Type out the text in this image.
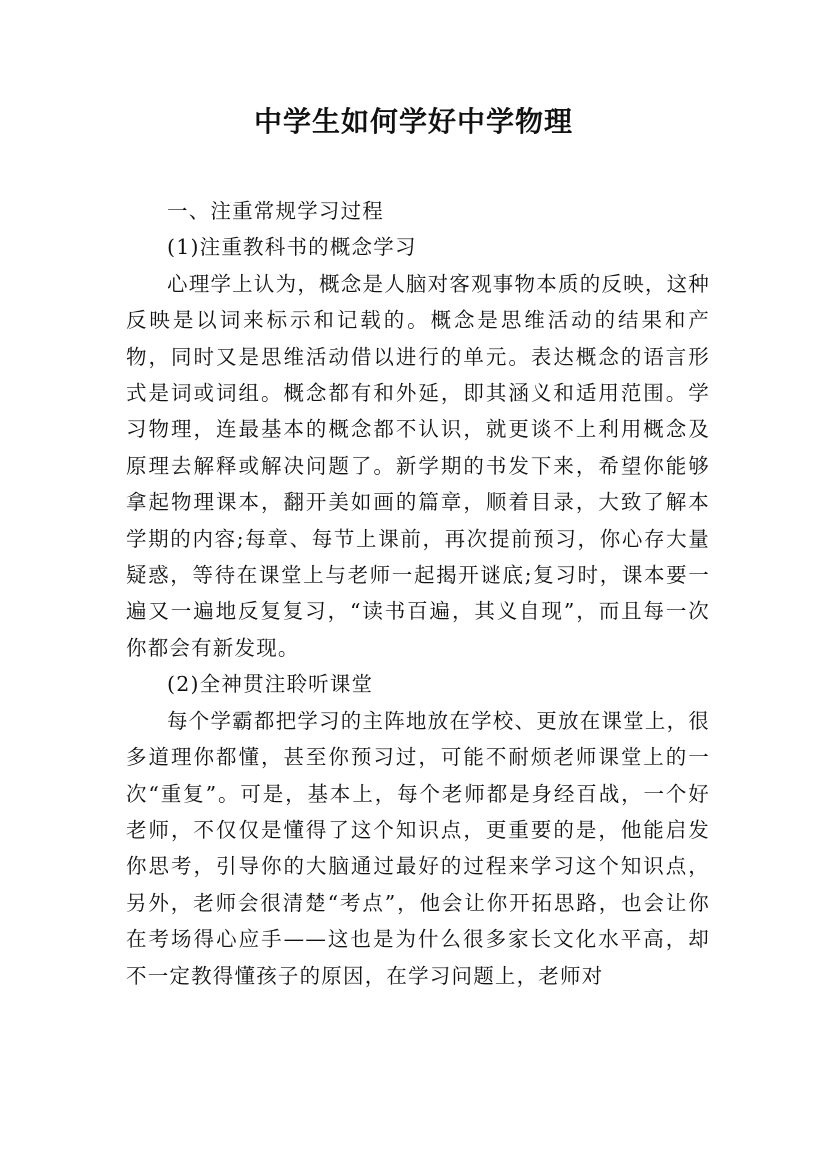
中学生如何学好中学物理

一、注重常规学习过程

(1)注重教科书的概念学习

心理学上认为，概念是人脑对客观事物本质的反映，这种反映是以词来标示和记载的。概念是思维活动的结果和产物，同时又是思维活动借以进行的单元。表达概念的语言形式是词或词组。概念都有和外延，即其涵义和适用范围。学习物理，连最基本的概念都不认识，就更谈不上利用概念及原理去解释或解决问题了。新学期的书发下来，希望你能够拿起物理课本，翻开美如画的篇章，顺着目录，大致了解本学期的内容;每章、每节上课前，再次提前预习，你心存大量疑惑，等待在课堂上与老师一起揭开谜底;复习时，课本要一遍又一遍地反复复习，“读书百遍，其义自现”，而且每一次你都会有新发现。

(2)全神贯注聆听课堂

每个学霸都把学习的主阵地放在学校、更放在课堂上，很多道理你都懂，甚至你预习过，可能不耐烦老师课堂上的一次“重复”。可是，基本上，每个老师都是身经百战，一个好老师，不仅仅是懂得了这个知识点，更重要的是，他能启发你思考，引导你的大脑通过最好的过程来学习这个知识点，另外，老师会很清楚“考点”，他会让你开拓思路，也会让你在考场得心应手——这也是为什么很多家长文化水平高，却不一定教得懂孩子的原因，在学习问题上，老师对
